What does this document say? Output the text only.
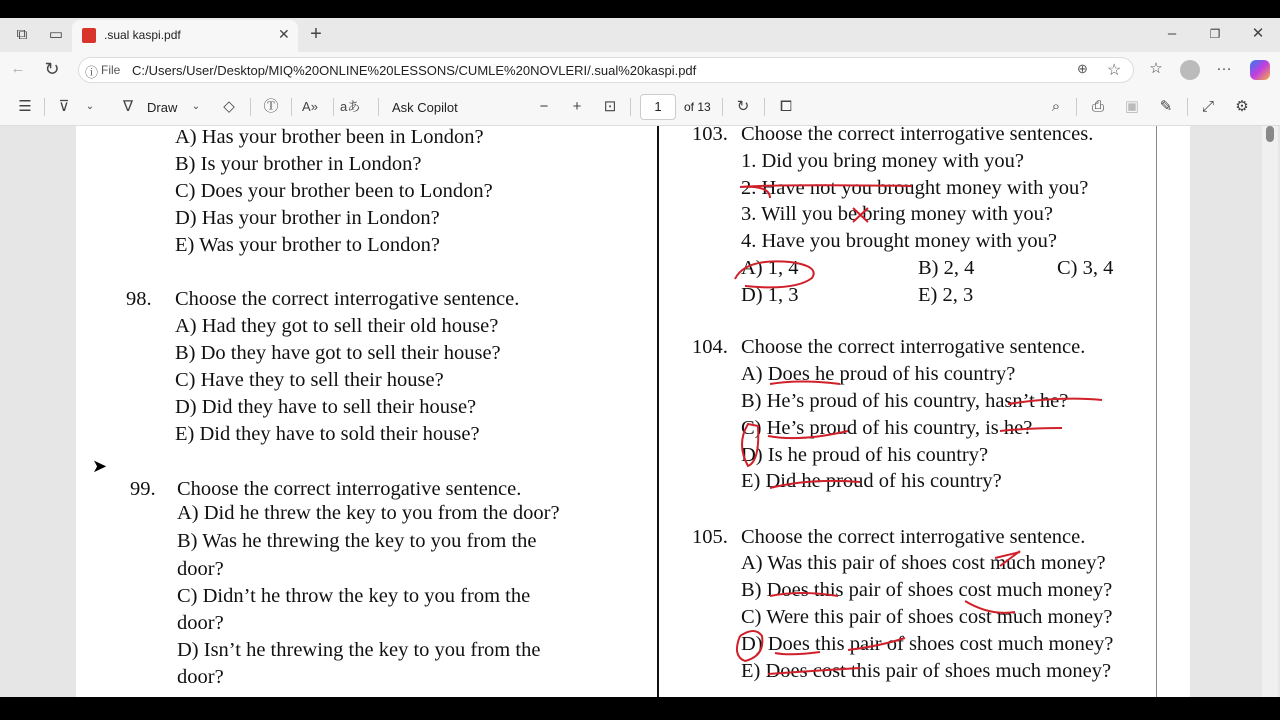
⧉	▭	+	–	❐	✕
.sual kaspi.pdf	✕
← ↻	☆	···
ⓘ File C:/Users/User/Desktop/MIQ%20ONLINE%20LESSONS/CUMLE%20NOVLERI/.sual%20kaspi.pdf	⊕ ☆
☰	⊽	⌄	∇	Draw	⌄	◇ Ⓣ A» aあ Ask Copilot	−	+	⊡	1	of 13 ↻ ⧠	⌕	⎙ ▣ ✎ ⤢ ⚙
A) Has your brother been in London?
B) Is your brother in London?
C) Does your brother been to London?
D) Has your brother in London?
E) Was your brother to London?
98. Choose the correct interrogative sentence.
A) Had they got to sell their old house?
B) Do they have got to sell their house?
C) Have they to sell their house?
D) Did they have to sell their house?
E) Did they have to sold their house?
99. Choose the correct interrogative sentence.
A) Did he threw the key to you from the door?
B) Was he threwing the key to you from the
door?
C) Didn’t he throw the key to you from the
door?
D) Isn’t he threwing the key to you from the
door?
103. Choose the correct interrogative sentences.
1. Did you bring money with you?
2. Have not you brought money with you?
3. Will you be bring money with you?
4. Have you brought money with you?
A) 1, 4	B) 2, 4	C) 3, 4
D) 1, 3	E) 2, 3
104. Choose the correct interrogative sentence.
A) Does he proud of his country?
B) He’s proud of his country, hasn’t he?
C) He’s proud of his country, is he?
D) Is he proud of his country?
E) Did he proud of his country?
105. Choose the correct interrogative sentence.
A) Was this pair of shoes cost much money?
B) Does this pair of shoes cost much money?
C) Were this pair of shoes cost much money?
D) Does this pair of shoes cost much money?
E) Does cost this pair of shoes much money?
➤
